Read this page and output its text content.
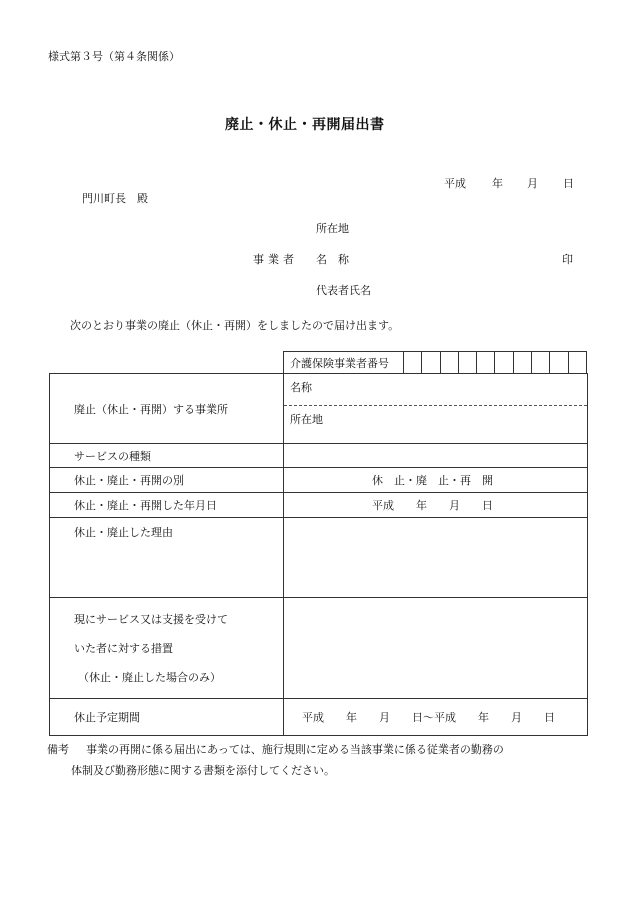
様式第３号（第４条関係）
廃止・休止・再開届出書
平成 年 月 日
門川町長　殿
所在地
事業者 名　称	印
代表者氏名
次のとおり事業の廃止（休止・再開）をしましたので届け出ます。
介護保険事業者番号
廃止（休止・再開）する事業所	名称
所在地

サービスの種類	
休止・廃止・再開の別	休　止・廃　止・再　開
休止・廃止・再開した年月日	平成　　年　　月　　日
休止・廃止した理由	

現にサービス又は支援を受けて
いた者に対する措置
（休止・廃止した場合のみ）	

休止予定期間	平成　　年　　月　　日〜平成　　年　　月　　日
備考 事業の再開に係る届出にあっては、施行規則に定める当該事業に係る従業者の勤務の
体制及び勤務形態に関する書類を添付してください。
